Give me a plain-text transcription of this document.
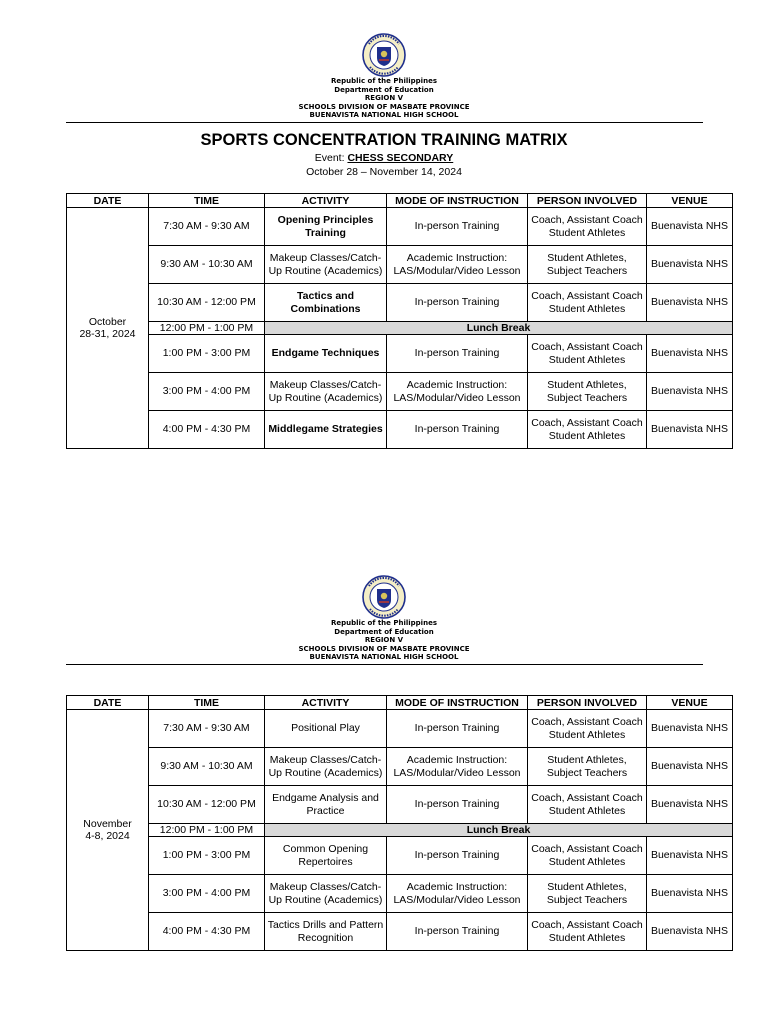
Republic of the Philippines
Department of Education
REGION V
SCHOOLS DIVISION OF MASBATE PROVINCE
BUENAVISTA NATIONAL HIGH SCHOOL
SPORTS CONCENTRATION TRAINING MATRIX
Event: CHESS SECONDARY
October 28 – November 14, 2024
DATE	TIME	ACTIVITY	MODE OF INSTRUCTION	PERSON INVOLVED	VENUE

October
28-31, 2024	7:30 AM - 9:30 AM	Opening Principles Training	In-person Training	Coach, Assistant Coach Student Athletes	Buenavista NHS
	9:30 AM - 10:30 AM	Makeup Classes/Catch-Up Routine (Academics)	Academic Instruction: LAS/Modular/Video Lesson	Student Athletes, Subject Teachers	Buenavista NHS
	10:30 AM - 12:00 PM	Tactics and Combinations	In-person Training	Coach, Assistant Coach Student Athletes	Buenavista NHS
	12:00 PM - 1:00 PM	Lunch Break			
	1:00 PM - 3:00 PM	Endgame Techniques	In-person Training	Coach, Assistant Coach Student Athletes	Buenavista NHS
	3:00 PM - 4:00 PM	Makeup Classes/Catch-Up Routine (Academics)	Academic Instruction: LAS/Modular/Video Lesson	Student Athletes, Subject Teachers	Buenavista NHS
	4:00 PM - 4:30 PM	Middlegame Strategies	In-person Training	Coach, Assistant Coach Student Athletes	Buenavista NHS
Republic of the Philippines
Department of Education
REGION V
SCHOOLS DIVISION OF MASBATE PROVINCE
BUENAVISTA NATIONAL HIGH SCHOOL
DATE	TIME	ACTIVITY	MODE OF INSTRUCTION	PERSON INVOLVED	VENUE

November
4-8, 2024	7:30 AM - 9:30 AM	Positional Play	In-person Training	Coach, Assistant Coach Student Athletes	Buenavista NHS
	9:30 AM - 10:30 AM	Makeup Classes/Catch-Up Routine (Academics)	Academic Instruction: LAS/Modular/Video Lesson	Student Athletes, Subject Teachers	Buenavista NHS
	10:30 AM - 12:00 PM	Endgame Analysis and Practice	In-person Training	Coach, Assistant Coach Student Athletes	Buenavista NHS
	12:00 PM - 1:00 PM	Lunch Break			
	1:00 PM - 3:00 PM	Common Opening Repertoires	In-person Training	Coach, Assistant Coach Student Athletes	Buenavista NHS
	3:00 PM - 4:00 PM	Makeup Classes/Catch-Up Routine (Academics)	Academic Instruction: LAS/Modular/Video Lesson	Student Athletes, Subject Teachers	Buenavista NHS
	4:00 PM - 4:30 PM	Tactics Drills and Pattern Recognition	In-person Training	Coach, Assistant Coach Student Athletes	Buenavista NHS
